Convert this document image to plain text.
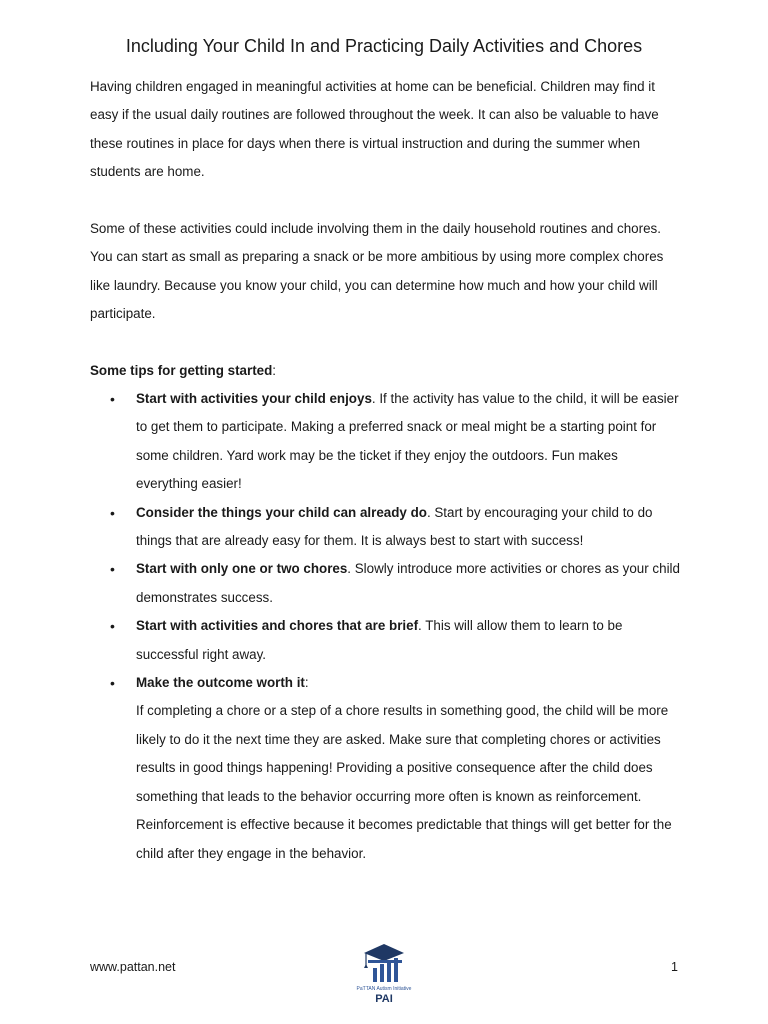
Including Your Child In and Practicing Daily Activities and Chores

Having children engaged in meaningful activities at home can be beneficial. Children may find it easy if the usual daily routines are followed throughout the week. It can also be valuable to have these routines in place for days when there is virtual instruction and during the summer when students are home.

Some of these activities could include involving them in the daily household routines and chores. You can start as small as preparing a snack or be more ambitious by using more complex chores like laundry. Because you know your child, you can determine how much and how your child will participate.

Some tips for getting started:

• Start with activities your child enjoys. If the activity has value to the child, it will be easier to get them to participate. Making a preferred snack or meal might be a starting point for some children. Yard work may be the ticket if they enjoy the outdoors. Fun makes everything easier!
• Consider the things your child can already do. Start by encouraging your child to do things that are already easy for them. It is always best to start with success!
• Start with only one or two chores. Slowly introduce more activities or chores as your child demonstrates success.
• Start with activities and chores that are brief. This will allow them to learn to be successful right away.
• Make the outcome worth it:
If completing a chore or a step of a chore results in something good, the child will be more likely to do it the next time they are asked. Make sure that completing chores or activities results in good things happening! Providing a positive consequence after the child does something that leads to the behavior occurring more often is known as reinforcement. Reinforcement is effective because it becomes predictable that things will get better for the child after they engage in the behavior.
www.pattan.net
PaTTAN Autism Initiative
PAI
1
